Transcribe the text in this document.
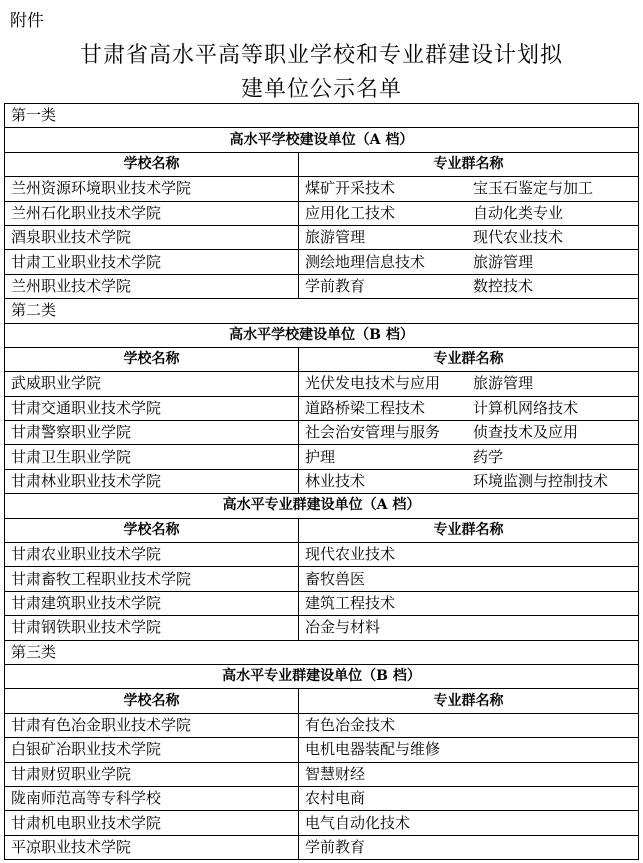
附件
甘肃省高水平高等职业学校和专业群建设计划拟
建单位公示名单
第一类	
高水平学校建设单位（A 档）	
学校名称	专业群名称
兰州资源环境职业技术学院	煤矿开采技术 宝玉石鉴定与加工
兰州石化职业技术学院	应用化工技术 自动化类专业
酒泉职业技术学院	旅游管理 现代农业技术
甘肃工业职业技术学院	测绘地理信息技术 旅游管理
兰州职业技术学院	学前教育 数控技术
第二类	
高水平学校建设单位（B 档）	
学校名称	专业群名称
武威职业学院	光伏发电技术与应用 旅游管理
甘肃交通职业技术学院	道路桥梁工程技术 计算机网络技术
甘肃警察职业学院	社会治安管理与服务 侦查技术及应用
甘肃卫生职业学院	护理 药学
甘肃林业职业技术学院	林业技术 环境监测与控制技术
高水平专业群建设单位（A 档）	
学校名称	专业群名称
甘肃农业职业技术学院	现代农业技术
甘肃畜牧工程职业技术学院	畜牧兽医
甘肃建筑职业技术学院	建筑工程技术
甘肃钢铁职业技术学院	冶金与材料
第三类	
高水平专业群建设单位（B 档）	
学校名称	专业群名称
甘肃有色冶金职业技术学院	有色冶金技术
白银矿冶职业技术学院	电机电器装配与维修
甘肃财贸职业学院	智慧财经
陇南师范高等专科学校	农村电商
甘肃机电职业技术学院	电气自动化技术
平凉职业技术学院	学前教育
